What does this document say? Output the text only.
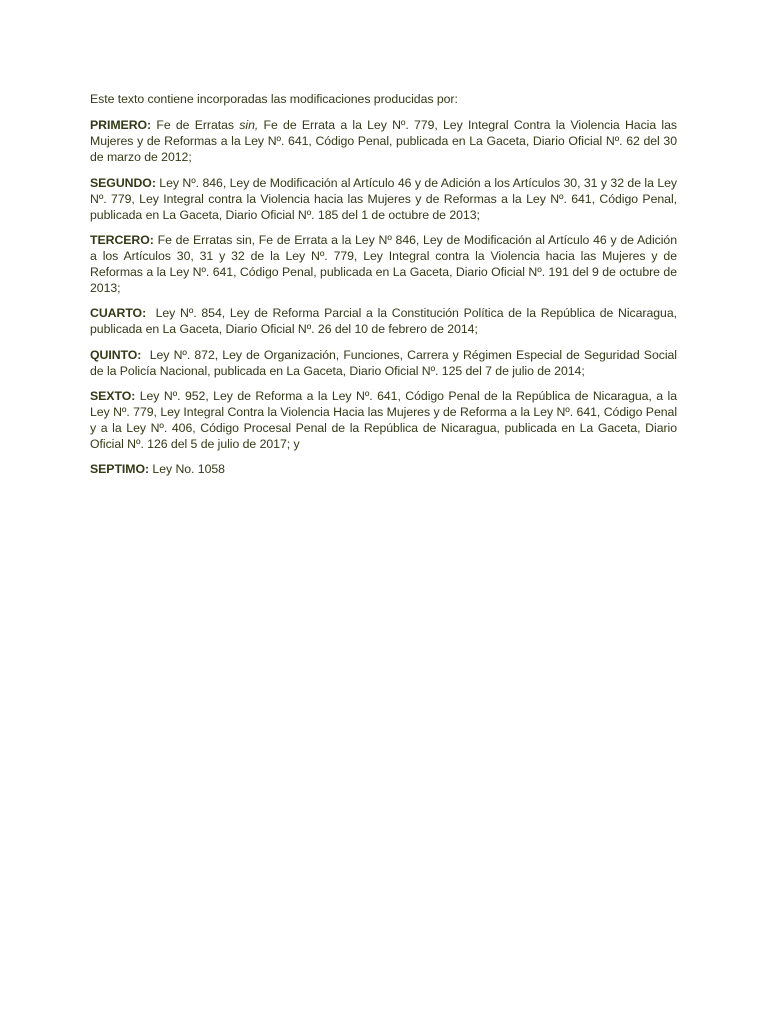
Este texto contiene incorporadas las modificaciones producidas por:

PRIMERO: Fe de Erratas sin, Fe de Errata a la Ley Nº. 779, Ley Integral Contra la Violencia Hacia las Mujeres y de Reformas a la Ley Nº. 641, Código Penal, publicada en La Gaceta, Diario Oficial Nº. 62 del 30 de marzo de 2012;

SEGUNDO: Ley Nº. 846, Ley de Modificación al Artículo 46 y de Adición a los Artículos 30, 31 y 32 de la Ley Nº. 779, Ley Integral contra la Violencia hacia las Mujeres y de Reformas a la Ley Nº. 641, Código Penal, publicada en La Gaceta, Diario Oficial Nº. 185 del 1 de octubre de 2013;

TERCERO: Fe de Erratas sin, Fe de Errata a la Ley Nº 846, Ley de Modificación al Artículo 46 y de Adición a los Artículos 30, 31 y 32 de la Ley Nº. 779, Ley Integral contra la Violencia hacia las Mujeres y de Reformas a la Ley Nº. 641, Código Penal, publicada en La Gaceta, Diario Oficial Nº. 191 del 9 de octubre de 2013;

CUARTO:  Ley Nº. 854, Ley de Reforma Parcial a la Constitución Política de la República de Nicaragua, publicada en La Gaceta, Diario Oficial Nº. 26 del 10 de febrero de 2014;

QUINTO:  Ley Nº. 872, Ley de Organización, Funciones, Carrera y Régimen Especial de Seguridad Social de la Policía Nacional, publicada en La Gaceta, Diario Oficial Nº. 125 del 7 de julio de 2014;

SEXTO: Ley Nº. 952, Ley de Reforma a la Ley Nº. 641, Código Penal de la República de Nicaragua, a la Ley Nº. 779, Ley Integral Contra la Violencia Hacia las Mujeres y de Reforma a la Ley Nº. 641, Código Penal y a la Ley Nº. 406, Código Procesal Penal de la República de Nicaragua, publicada en La Gaceta, Diario Oficial Nº. 126 del 5 de julio de 2017; y

SEPTIMO: Ley No. 1058
